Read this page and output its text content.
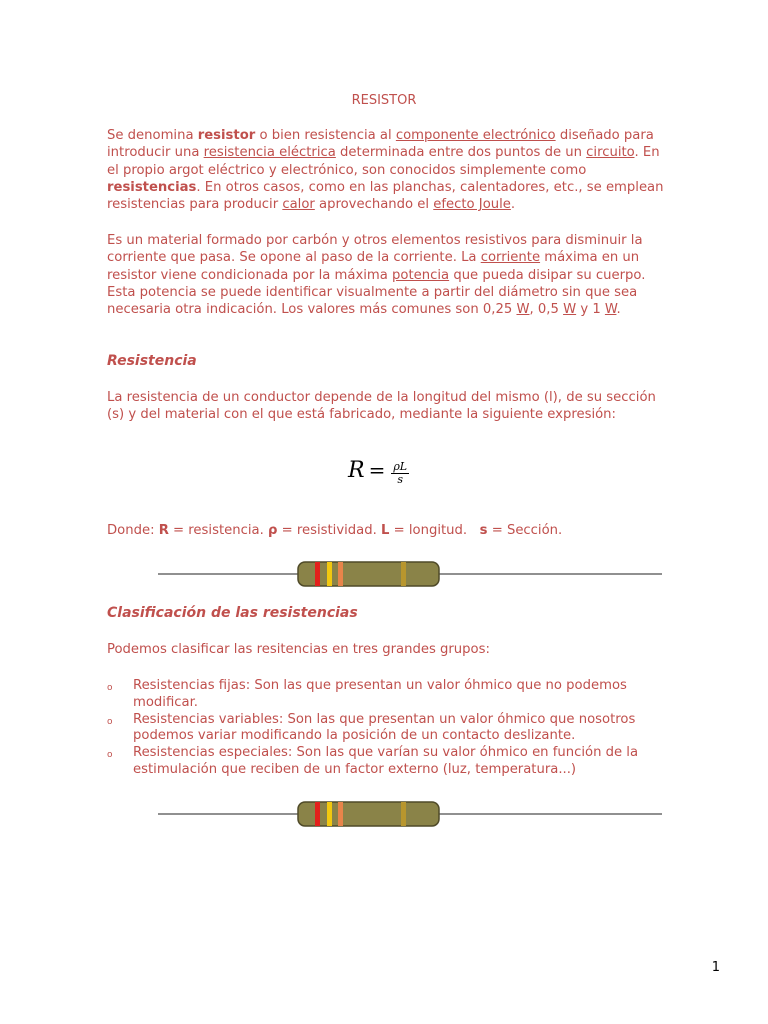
RESISTOR

Se denomina resistor o bien resistencia al componente electrónico diseñado para introducir una resistencia eléctrica determinada entre dos puntos de un circuito. En el propio argot eléctrico y electrónico, son conocidos simplemente como resistencias. En otros casos, como en las planchas, calentadores, etc., se emplean resistencias para producir calor aprovechando el efecto Joule.

Es un material formado por carbón y otros elementos resistivos para disminuir la corriente que pasa. Se opone al paso de la corriente. La corriente máxima en un resistor viene condicionada por la máxima potencia que pueda disipar su cuerpo. Esta potencia se puede identificar visualmente a partir del diámetro sin que sea necesaria otra indicación. Los valores más comunes son 0,25 W, 0,5 W y 1 W.

Resistencia

La resistencia de un conductor depende de la longitud del mismo (l), de su sección (s) y del material con el que está fabricado, mediante la siguiente expresión:

$R = \frac{\rho L}{s}$
Donde: R = resistencia. ρ = resistividad. L = longitud.   s = Sección.
Clasificación de las resistencias

Podemos clasificar las resitencias en tres grandes grupos:

o Resistencias fijas: Son las que presentan un valor óhmico que no podemos modificar.
o Resistencias variables: Son las que presentan un valor óhmico que nosotros podemos variar modificando la posición de un contacto deslizante.
o Resistencias especiales: Son las que varían su valor óhmico en función de la estimulación que reciben de un factor externo (luz, temperatura...)
1
